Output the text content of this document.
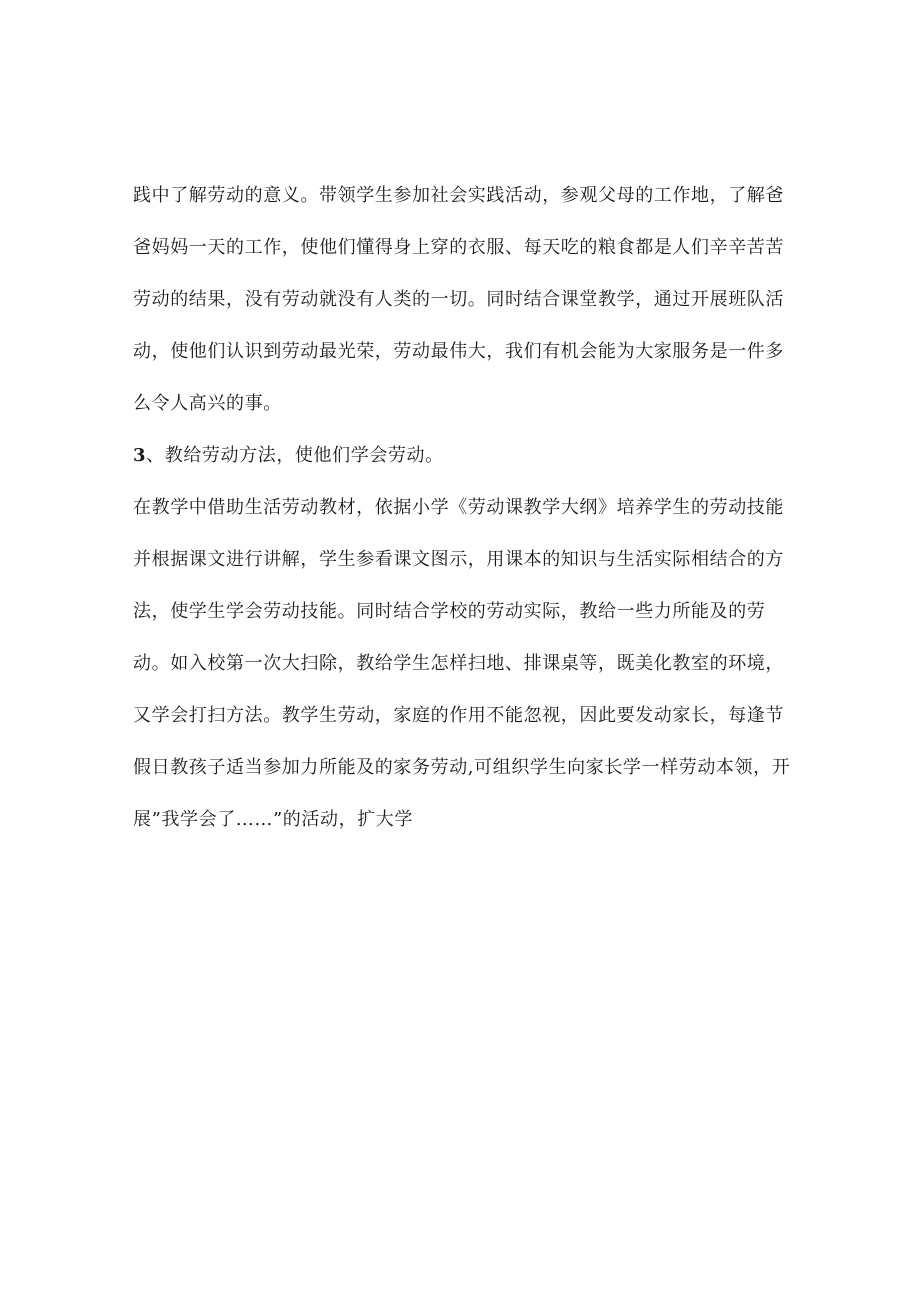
践中了解劳动的意义。带领学生参加社会实践活动，参观父母的工作地，了解爸
爸妈妈一天的工作，使他们懂得身上穿的衣服、每天吃的粮食都是人们辛辛苦苦
劳动的结果，没有劳动就没有人类的一切。同时结合课堂教学，通过开展班队活
动，使他们认识到劳动最光荣，劳动最伟大，我们有机会能为大家服务是一件多
么令人高兴的事。
3、教给劳动方法，使他们学会劳动。
在教学中借助生活劳动教材，依据小学《劳动课教学大纲》培养学生的劳动技能
并根据课文进行讲解，学生参看课文图示，用课本的知识与生活实际相结合的方
法，使学生学会劳动技能。同时结合学校的劳动实际，教给一些力所能及的劳
动。如入校第一次大扫除，教给学生怎样扫地、排课桌等，既美化教室的环境，
又学会打扫方法。教学生劳动，家庭的作用不能忽视，因此要发动家长，每逢节
假日教孩子适当参加力所能及的家务劳动,可组织学生向家长学一样劳动本领，开
展”我学会了……”的活动，扩大学
